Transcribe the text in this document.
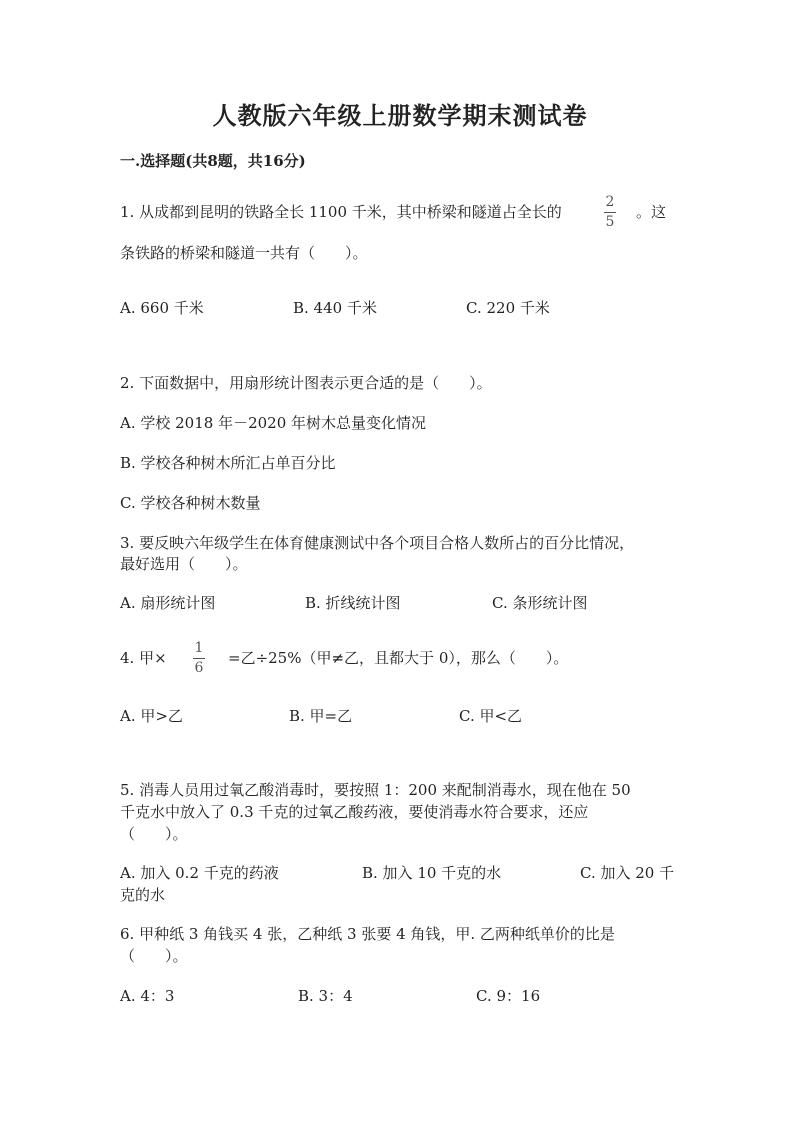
人教版六年级上册数学期末测试卷
一.选择题(共8题，共16分)
1. 从成都到昆明的铁路全长 1100 千米，其中桥梁和隧道占全长的
2
5
。这
条铁路的桥梁和隧道一共有（　　）。
A. 660 千米	B. 440 千米	C. 220 千米
2. 下面数据中，用扇形统计图表示更合适的是（　　）。
A. 学校 2018 年－2020 年树木总量变化情况
B. 学校各种树木所汇占单百分比
C. 学校各种树木数量
3. 要反映六年级学生在体育健康测试中各个项目合格人数所占的百分比情况，
最好选用（　　）。
A. 扇形统计图	B. 折线统计图	C. 条形统计图
4. 甲×
1
6
=乙÷25%（甲≠乙，且都大于 0），那么（　　）。
A. 甲>乙	B. 甲=乙	C. 甲<乙
5. 消毒人员用过氧乙酸消毒时，要按照 1：200 来配制消毒水，现在他在 50
千克水中放入了 0.3 千克的过氧乙酸药液，要使消毒水符合要求，还应
（　　）。
A. 加入 0.2 千克的药液	B. 加入 10 千克的水	C. 加入 20 千
克的水
6. 甲种纸 3 角钱买 4 张，乙种纸 3 张要 4 角钱，甲. 乙两种纸单价的比是
（　　）。
A. 4：3	B. 3：4	C. 9：16
